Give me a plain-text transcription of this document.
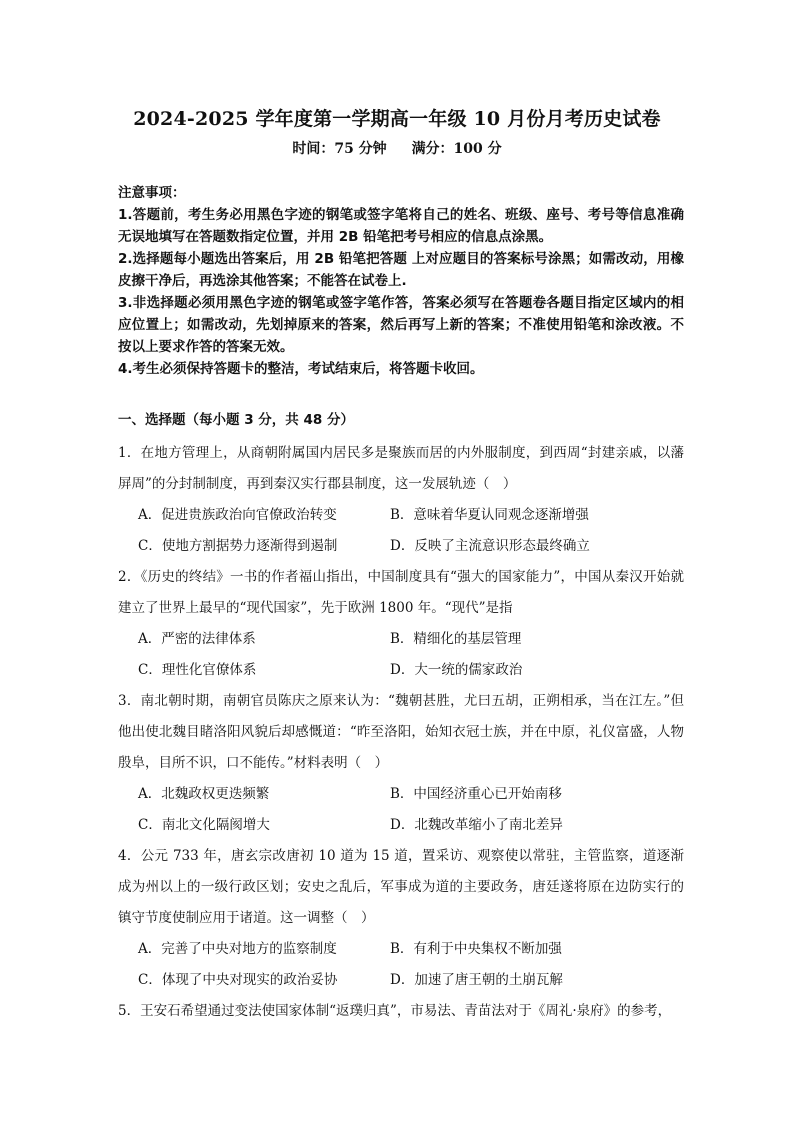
2024-2025 学年度第一学期高一年级 10 月份月考历史试卷
时间：75 分钟 满分：100 分

注意事项：

1.答题前，考生务必用黑色字迹的钢笔或签字笔将自己的姓名、班级、座号、考号等信息准确无误地填写在答题数指定位置，并用 2B 铅笔把考号相应的信息点涂黑。

2.选择题每小题选出答案后，用 2B 铅笔把答题 上对应题目的答案标号涂黑；如需改动，用橡皮擦干净后，再选涂其他答案；不能答在试卷上.

3.非选择题必须用黑色字迹的钢笔或签字笔作答，答案必须写在答题卷各题目指定区域内的相应位置上；如需改动，先划掉原来的答案，然后再写上新的答案；不准使用铅笔和涂改液。不按以上要求作答的答案无效。

4.考生必须保持答题卡的整洁，考试结束后，将答题卡收回。

一、选择题（每小题 3 分，共 48 分）

1．在地方管理上，从商朝附属国内居民多是聚族而居的内外服制度，到西周“封建亲戚，以藩屏周”的分封制制度，再到秦汉实行郡县制度，这一发展轨迹（　）

A．促进贵族政治向官僚政治转变	B．意味着华夏认同观念逐渐增强
C．使地方割据势力逐渐得到遏制	D．反映了主流意识形态最终确立

2．《历史的终结》一书的作者福山指出，中国制度具有“强大的国家能力”，中国从秦汉开始就建立了世界上最早的“现代国家”，先于欧洲 1800 年。“现代”是指

A．严密的法律体系	B．精细化的基层管理
C．理性化官僚体系	D．大一统的儒家政治

3．南北朝时期，南朝官员陈庆之原来认为：“魏朝甚胜，尤曰五胡，正朔相承，当在江左。”但他出使北魏目睹洛阳风貌后却感慨道：“昨至洛阳，始知衣冠士族，并在中原，礼仪富盛，人物殷阜，目所不识，口不能传。”材料表明（　）

A．北魏政权更迭频繁	B．中国经济重心已开始南移
C．南北文化隔阂增大	D．北魏改革缩小了南北差异

4．公元 733 年，唐玄宗改唐初 10 道为 15 道，置采访、观察使以常驻，主管监察，道逐渐成为州以上的一级行政区划；安史之乱后，军事成为道的主要政务，唐廷遂将原在边防实行的镇守节度使制应用于诸道。这一调整（　）

A．完善了中央对地方的监察制度	B．有利于中央集权不断加强
C．体现了中央对现实的政治妥协	D．加速了唐王朝的土崩瓦解

5．王安石希望通过变法使国家体制“返璞归真”，市易法、青苗法对于《周礼·泉府》的参考，
